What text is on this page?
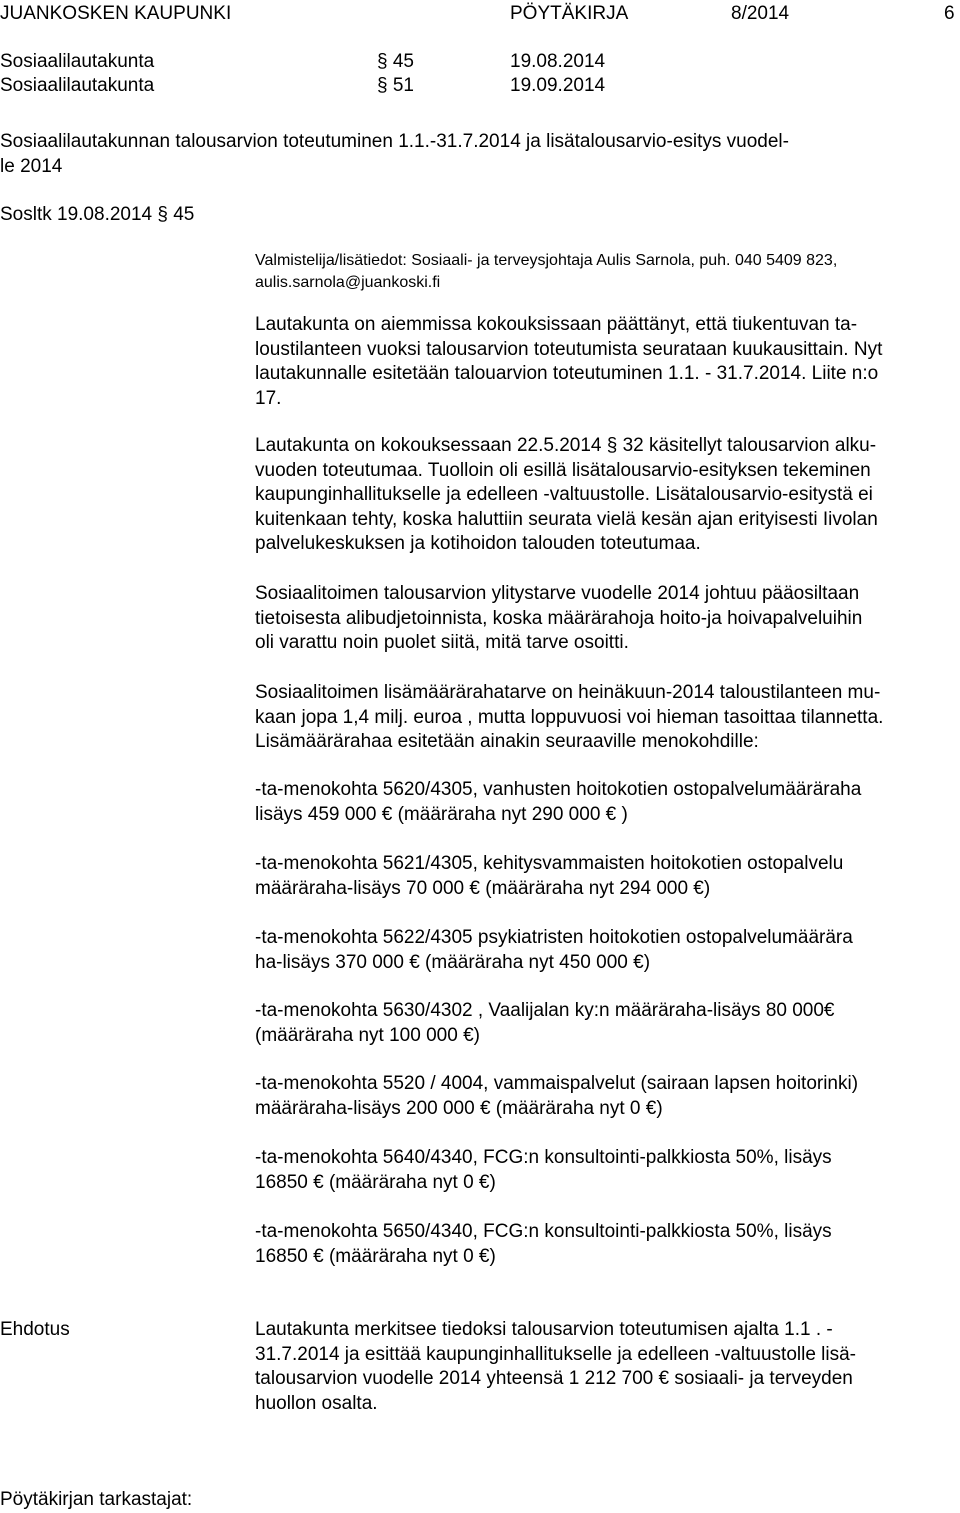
JUANKOSKEN KAUPUNKI	PÖYTÄKIRJA	8/2014	6
Sosiaalilautakunta	§ 45	19.08.2014
Sosiaalilautakunta	§ 51	19.09.2014
Sosiaalilautakunnan talousarvion toteutuminen 1.1.-31.7.2014 ja lisätalousarvio-esitys vuodel-
le 2014
Sosltk 19.08.2014 § 45
Valmistelija/lisätiedot: Sosiaali- ja terveysjohtaja Aulis Sarnola, puh. 040 5409 823,
aulis.sarnola@juankoski.fi
Lautakunta on aiemmissa kokouksissaan päättänyt, että tiukentuvan ta-
loustilanteen vuoksi talousarvion toteutumista seurataan kuukausittain. Nyt
lautakunnalle esitetään talouarvion toteutuminen 1.1. - 31.7.2014. Liite n:o
17.
Lautakunta on kokouksessaan 22.5.2014 § 32 käsitellyt talousarvion alku-
vuoden toteutumaa. Tuolloin oli esillä lisätalousarvio-esityksen tekeminen
kaupunginhallitukselle ja edelleen -valtuustolle. Lisätalousarvio-esitystä ei
kuitenkaan tehty, koska haluttiin seurata vielä kesän ajan erityisesti Iivolan
palvelukeskuksen ja kotihoidon talouden toteutumaa.
Sosiaalitoimen talousarvion ylitystarve vuodelle 2014 johtuu pääosiltaan
tietoisesta alibudjetoinnista, koska määrärahoja hoito-ja hoivapalveluihin
oli varattu noin puolet siitä, mitä tarve osoitti.
Sosiaalitoimen lisämäärärahatarve on heinäkuun-2014 taloustilanteen mu-
kaan jopa 1,4 milj. euroa , mutta loppuvuosi voi hieman tasoittaa tilannetta.
Lisämäärärahaa esitetään ainakin seuraaville menokohdille:
-ta-menokohta 5620/4305, vanhusten hoitokotien ostopalvelumääräraha
lisäys 459 000 € (määräraha nyt 290 000 € )
-ta-menokohta 5621/4305, kehitysvammaisten hoitokotien ostopalvelu
määräraha-lisäys 70 000 € (määräraha nyt 294 000 €)
-ta-menokohta 5622/4305 psykiatristen hoitokotien ostopalvelumäärära
ha-lisäys 370 000 € (määräraha nyt 450 000 €)
-ta-menokohta 5630/4302 , Vaalijalan ky:n määräraha-lisäys 80 000€
(määräraha nyt 100 000 €)
-ta-menokohta 5520 / 4004, vammaispalvelut (sairaan lapsen hoitorinki)
määräraha-lisäys 200 000 € (määräraha nyt 0 €)
-ta-menokohta 5640/4340, FCG:n konsultointi-palkkiosta 50%, lisäys
16850 € (määräraha nyt 0 €)
-ta-menokohta 5650/4340, FCG:n konsultointi-palkkiosta 50%, lisäys
16850 € (määräraha nyt 0 €)
Ehdotus	Lautakunta merkitsee tiedoksi talousarvion toteutumisen ajalta 1.1 . -
31.7.2014 ja esittää kaupunginhallitukselle ja edelleen -valtuustolle lisä-
talousarvion vuodelle 2014 yhteensä 1 212 700 € sosiaali- ja terveyden
huollon osalta.
Pöytäkirjan tarkastajat:
